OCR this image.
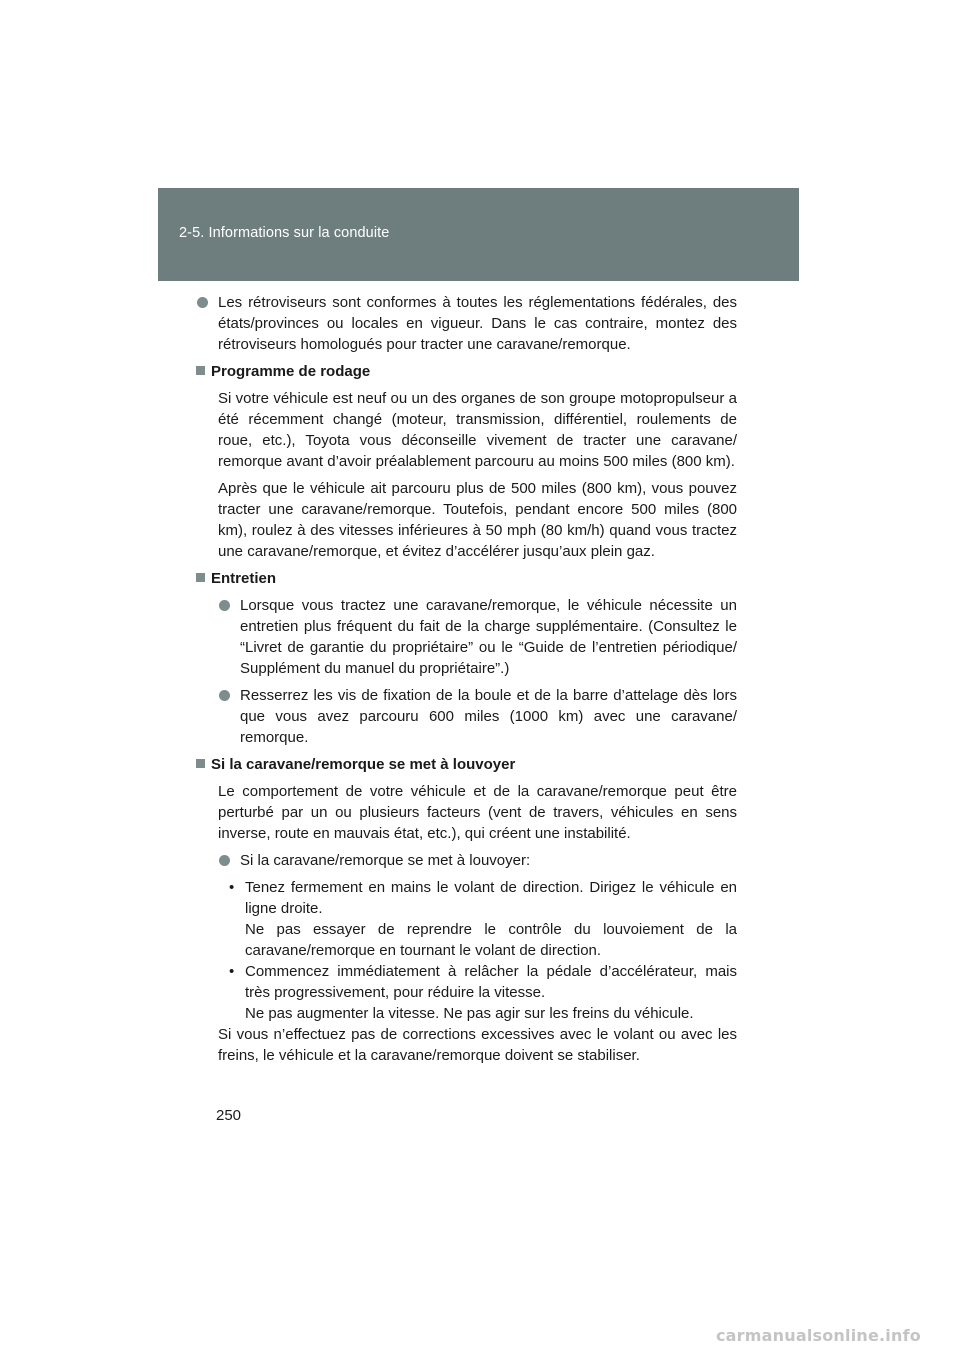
2-5. Informations sur la conduite
Les rétroviseurs sont conformes à toutes les réglementations fédérales, des états/provinces ou locales en vigueur. Dans le cas contraire, montez des rétroviseurs homologués pour tracter une caravane/remorque.
Programme de rodage

Si votre véhicule est neuf ou un des organes de son groupe motopropulseur a été récemment changé (moteur, transmission, différentiel, roulements de roue, etc.), Toyota vous déconseille vivement de tracter une caravane/ remorque avant d’avoir préalablement parcouru au moins 500 miles (800 km).

Après que le véhicule ait parcouru plus de 500 miles (800 km), vous pouvez tracter une caravane/remorque. Toutefois, pendant encore 500 miles (800 km), roulez à des vitesses inférieures à 50 mph (80 km/h) quand vous tractez une caravane/remorque, et évitez d’accélérer jusqu’aux plein gaz.

Entretien
Lorsque vous tractez une caravane/remorque, le véhicule nécessite un entretien plus fréquent du fait de la charge supplémentaire. (Consultez le “Livret de garantie du propriétaire” ou le “Guide de l’entretien périodique/ Supplément du manuel du propriétaire”.)
Resserrez les vis de fixation de la boule et de la barre d’attelage dès lors que vous avez parcouru 600 miles (1000 km) avec une caravane/ remorque.
Si la caravane/remorque se met à louvoyer

Le comportement de votre véhicule et de la caravane/remorque peut être perturbé par un ou plusieurs facteurs (vent de travers, véhicules en sens inverse, route en mauvais état, etc.), qui créent une instabilité.

Si la caravane/remorque se met à louvoyer:
• Tenez fermement en mains le volant de direction. Dirigez le véhicule en ligne droite.
Ne pas essayer de reprendre le contrôle du louvoiement de la caravane/remorque en tournant le volant de direction.
• Commencez immédiatement à relâcher la pédale d’accélérateur, mais très progressivement, pour réduire la vitesse.
Ne pas augmenter la vitesse. Ne pas agir sur les freins du véhicule.

Si vous n’effectuez pas de corrections excessives avec le volant ou avec les freins, le véhicule et la caravane/remorque doivent se stabiliser.

250
carmanualsonline.info
